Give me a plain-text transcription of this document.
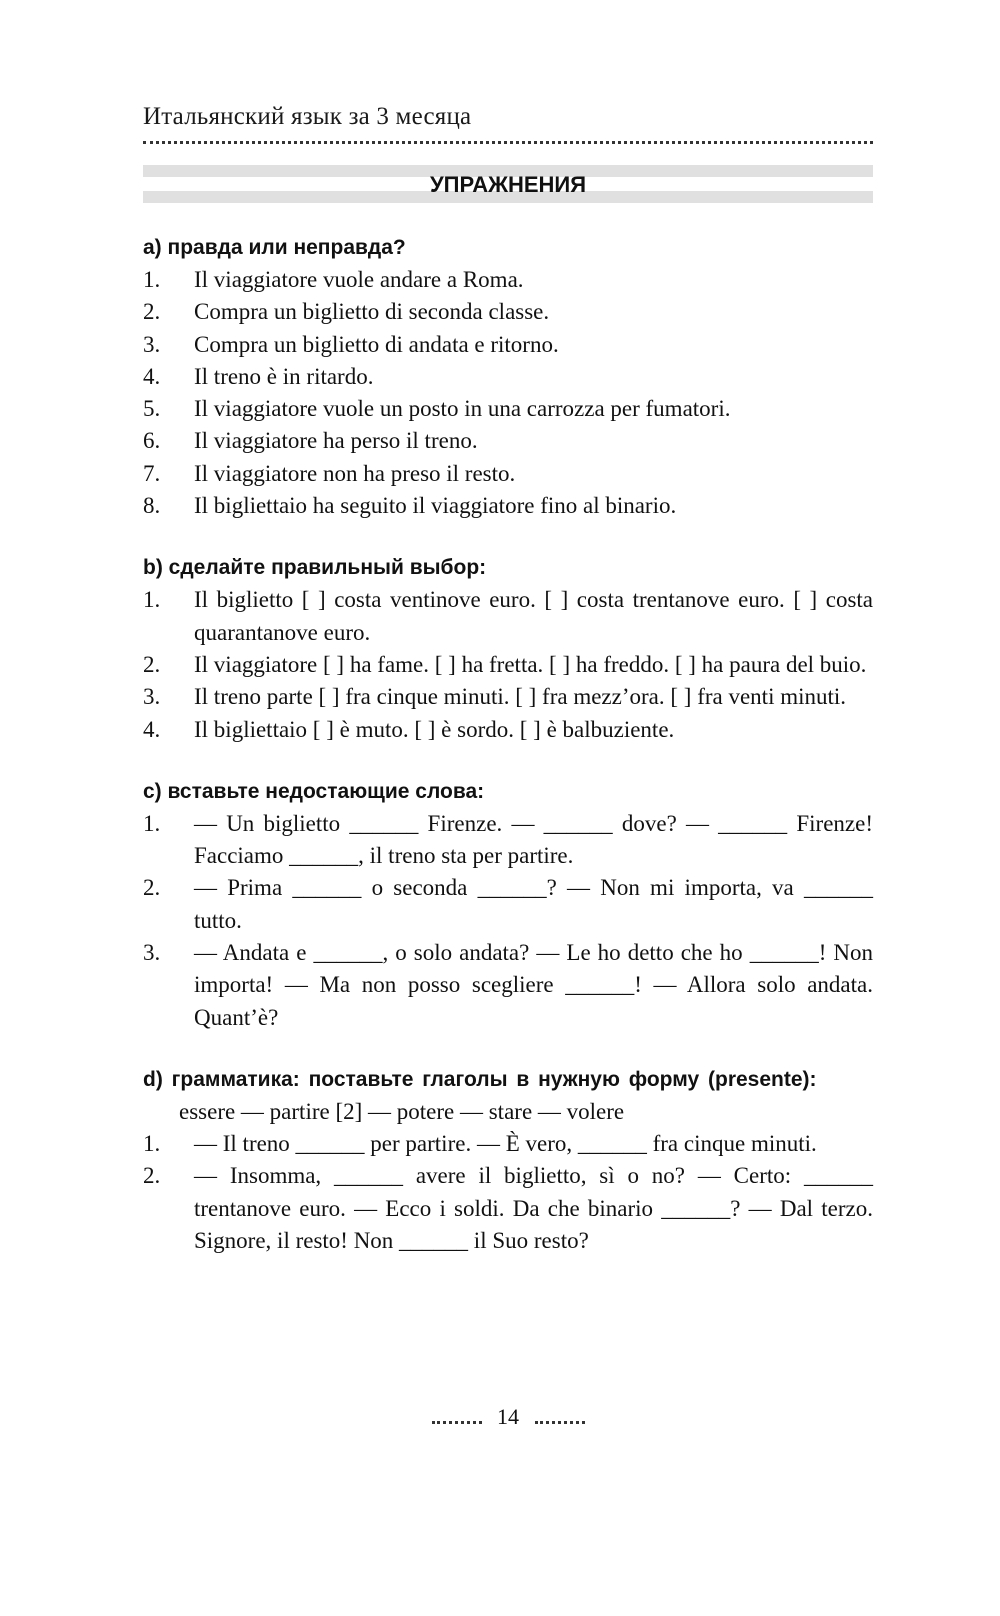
Итальянский язык за 3 месяца
УПРАЖНЕНИЯ

a) правда или неправда?

1. Il viaggiatore vuole andare a Roma.
2. Compra un biglietto di seconda classe.
3. Compra un biglietto di andata e ritorno.
4. Il treno è in ritardo.
5. Il viaggiatore vuole un posto in una carrozza per fumatori.
6. Il viaggiatore ha perso il treno.
7. Il viaggiatore non ha preso il resto.
8. Il bigliettaio ha seguito il viaggiatore fino al binario.

b) сделайте правильный выбор:

1. Il biglietto [ ] costa ventinove euro. [ ] costa trentanove euro. [ ] costa quarantanove euro.
2. Il viaggiatore [ ] ha fame. [ ] ha fretta. [ ] ha freddo. [ ] ha paura del buio.
3. Il treno parte [ ] fra cinque minuti. [ ] fra mezz’ora. [ ] fra venti minuti.
4. Il bigliettaio [ ] è muto. [ ] è sordo. [ ] è balbuziente.

c) вставьте недостающие слова:

1. — Un biglietto ______ Firenze. — ______ dove? — ______ Firenze! Facciamo ______, il treno sta per partire.
2. — Prima ______ o seconda ______? — Non mi importa, va ______ tutto.
3. — Andata e ______, o solo andata? — Le ho detto che ho ______! Non importa! — Ma non posso scegliere ______! — Allora solo andata. Quant’è?

d) грамматика: поставьте глаголы в нужную форму (presente):

essere — partire [2] — potere — stare — volere
1. — Il treno ______ per partire. — È vero, ______ fra cinque minuti.
2. — Insomma, ______ avere il biglietto, sì o no? — Certo: ______ trentanove euro. — Ecco i soldi. Da che binario ______? — Dal terzo. Signore, il resto! Non ______ il Suo resto?
14
